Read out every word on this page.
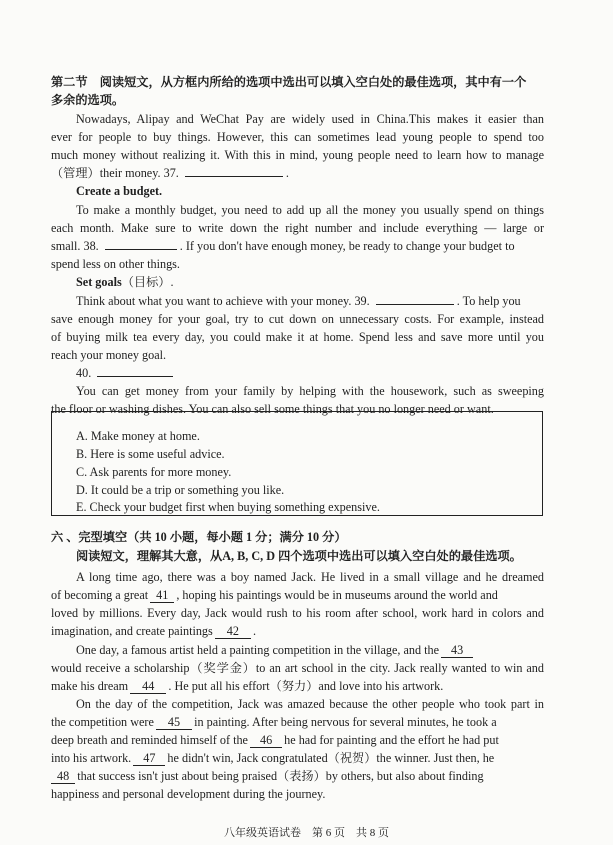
第二节　阅读短文，从方框内所给的选项中选出可以填入空白处的最佳选项，其中有一个
多余的选项。
Nowadays, Alipay and WeChat Pay are widely used in China.This makes it easier than
ever for people to buy things. However, this can sometimes lead young people to spend too
much money without realizing it. With this in mind, young people need to learn how to manage
（管理）their money. 37.	.
Create a budget.
To make a monthly budget, you need to add up all the money you usually spend on things
each month. Make sure to write down the right number and include everything — large or
small. 38.	. If you don't have enough money, be ready to change your budget to
spend less on other things.
Set goals（目标）.
Think about what you want to achieve with your money. 39.	. To help you
save enough money for your goal, try to cut down on unnecessary costs. For example, instead
of buying milk tea every day, you could make it at home. Spend less and save more until you
reach your money goal.
40.
You can get money from your family by helping with the housework, such as sweeping
the floor or washing dishes. You can also sell some things that you no longer need or want.
A. Make money at home.
B. Here is some useful advice.
C. Ask parents for more money.
D. It could be a trip or something you like.
E. Check your budget first when buying something expensive.
六 、完型填空（共 10 小题，每小题 1 分；满分 10 分）
阅读短文，理解其大意，从A, B, C, D 四个选项中选出可以填入空白处的最佳选项。
A long time ago, there was a boy named Jack. He lived in a small village and he dreamed
of becoming a great 41 , hoping his paintings would be in museums around the world and
loved by millions. Every day, Jack would rush to his room after school, work hard in colors and
imagination, and create paintings 42 .
One day, a famous artist held a painting competition in the village, and the 43
would receive a scholarship（奖学金）to an art school in the city. Jack really wanted to win and
make his dream 44 . He put all his effort（努力）and love into his artwork.
On the day of the competition, Jack was amazed because the other people who took part in
the competition were 45 in painting. After being nervous for several minutes, he took a
deep breath and reminded himself of the 46 he had for painting and the effort he had put
into his artwork. 47 he didn't win, Jack congratulated（祝贺）the winner. Just then, he
48 that success isn't just about being praised（表扬）by others, but also about finding
happiness and personal development during the journey.
八年级英语试卷　第 6 页　共 8 页
